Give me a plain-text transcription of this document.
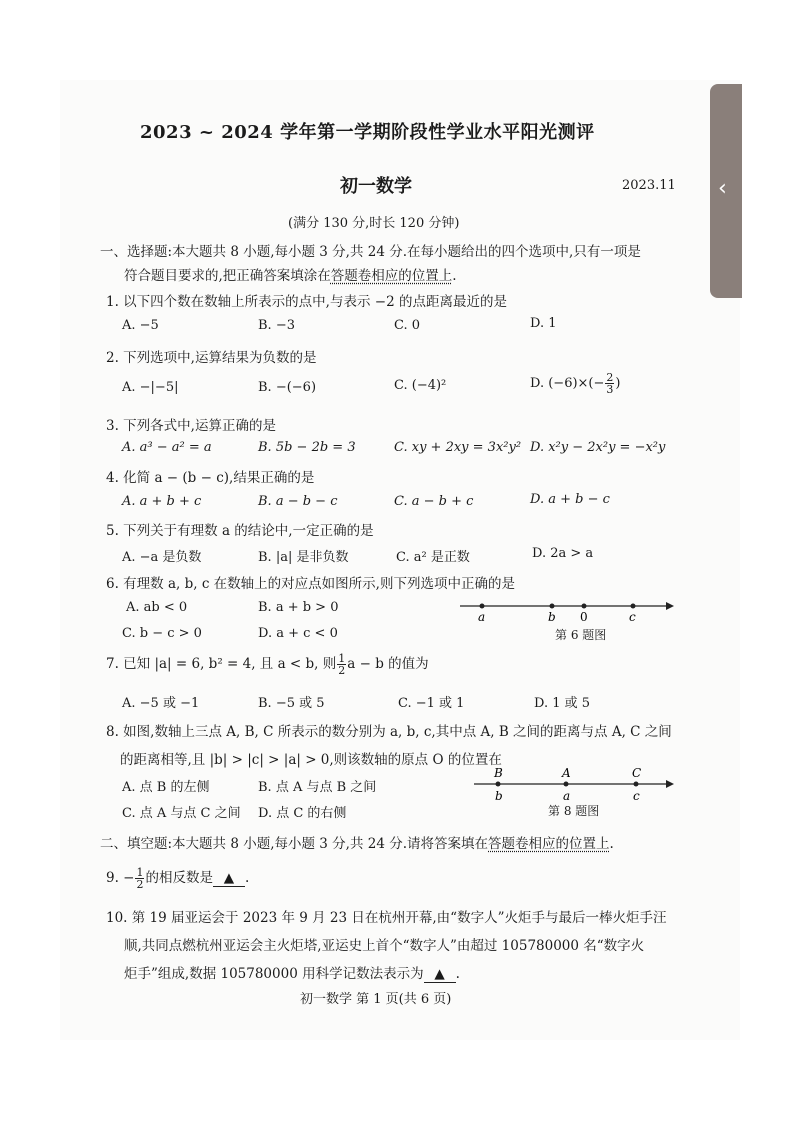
‹
2023 ~ 2024 学年第一学期阶段性学业水平阳光测评
初一数学	2023.11
(满分 130 分,时长 120 分钟)
一、选择题:本大题共 8 小题,每小题 3 分,共 24 分.在每小题给出的四个选项中,只有一项是
符合题目要求的,把正确答案填涂在答题卷相应的位置上.
1. 以下四个数在数轴上所表示的点中,与表示 −2 的点距离最近的是
A. −5	B. −3	C. 0	D. 1
2. 下列选项中,运算结果为负数的是
A. −|−5|	B. −(−6)	C. (−4)²	D. $(-6)\times(- \frac{2}{3}$ )
3. 下列各式中,运算正确的是
A. a³ − a² = a	B. 5b − 2b = 3	C. xy + 2xy = 3x²y² D. x²y − 2x²y = −x²y
4. 化简 a − (b − c),结果正确的是
A. a + b + c	B. a − b − c	C. a − b + c	D. a + b − c
5. 下列关于有理数 a 的结论中,一定正确的是
A. −a 是负数	B. |a| 是非负数	C. a² 是正数	D. 2a > a
6. 有理数 a, b, c 在数轴上的对应点如图所示,则下列选项中正确的是
A. ab < 0	B. a + b > 0
C. b − c > 0	D. a + c < 0
a	b 0	c
第 6 题图
7. 已知 |a| = 6, b² = 4, 且 a < b, 则 $\frac{1}{2}$ a − b 的值为
A. −5 或 −1	B. −5 或 5	C. −1 或 1	D. 1 或 5
8. 如图,数轴上三点 A, B, C 所表示的数分别为 a, b, c,其中点 A, B 之间的距离与点 A, C 之间
的距离相等,且 |b| > |c| > |a| > 0,则该数轴的原点 O 的位置在
A. 点 B 的左侧	B. 点 A 与点 B 之间
C. 点 A 与点 C 之间 D. 点 C 的右侧
B	A	C
b	a	c
第 8 题图
二、填空题:本大题共 8 小题,每小题 3 分,共 24 分.请将答案填在答题卷相应的位置上.
9. − $\frac{1}{2}$ 的相反数是 ▲ .
10. 第 19 届亚运会于 2023 年 9 月 23 日在杭州开幕,由“数字人”火炬手与最后一棒火炬手汪
顺,共同点燃杭州亚运会主火炬塔,亚运史上首个“数字人”由超过 105780000 名“数字火
炬手”组成,数据 105780000 用科学记数法表示为 ▲ .
初一数学 第 1 页(共 6 页)
